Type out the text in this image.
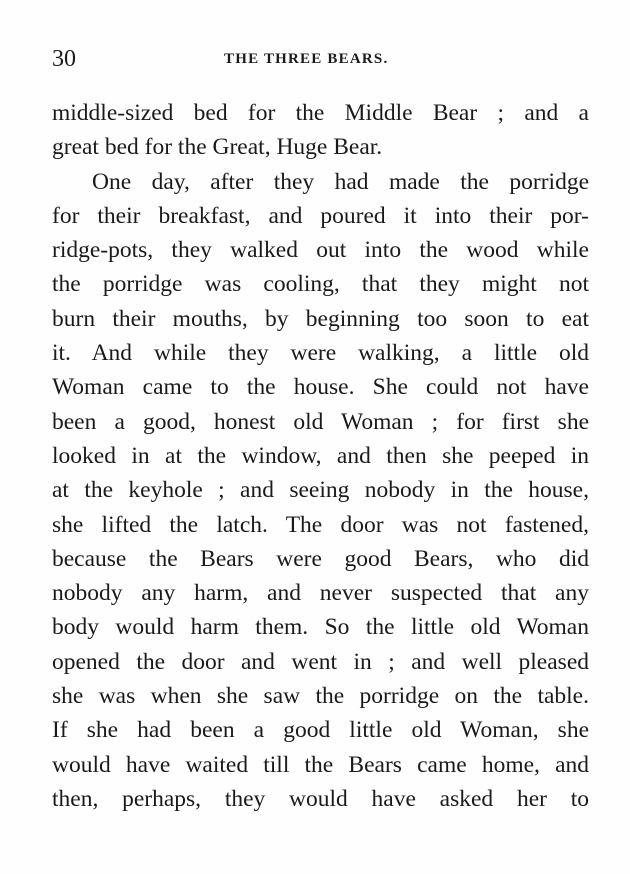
30	THE THREE BEARS.
middle-sized bed for the Middle Bear ; and a
great bed for the Great, Huge Bear.
One day, after they had made the porridge
for their breakfast, and poured it into their por-
ridge-pots, they walked out into the wood while
the porridge was cooling, that they might not
burn their mouths, by beginning too soon to eat
it. And while they were walking, a little old
Woman came to the house. She could not have
been a good, honest old Woman ; for first she
looked in at the window, and then she peeped in
at the keyhole ; and seeing nobody in the house,
she lifted the latch. The door was not fastened,
because the Bears were good Bears, who did
nobody any harm, and never suspected that any
body would harm them. So the little old Woman
opened the door and went in ; and well pleased
she was when she saw the porridge on the table.
If she had been a good little old Woman, she
would have waited till the Bears came home, and
then, perhaps, they would have asked her to
